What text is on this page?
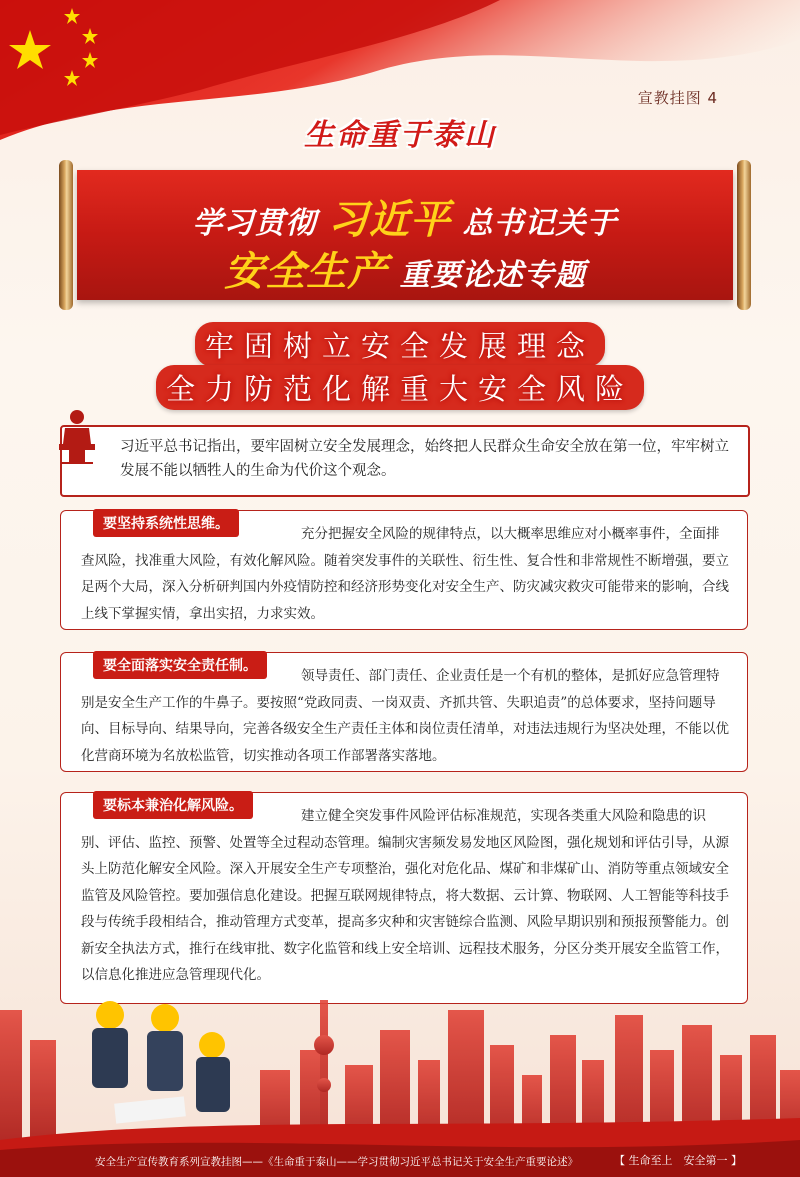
宣教挂图 4
生命重于泰山
学习贯彻 习近平 总书记关于
安全生产 重要论述专题
牢固树立安全发展理念
全力防范化解重大安全风险
习近平总书记指出，要牢固树立安全发展理念，始终把人民群众生命安全放在第一位，牢牢树立发展不能以牺牲人的生命为代价这个观念。
要坚持系统性思维。
充分把握安全风险的规律特点，以大概率思维应对小概率事件，全面排查风险，找准重大风险，有效化解风险。随着突发事件的关联性、衍生性、复合性和非常规性不断增强，要立足两个大局，深入分析研判国内外疫情防控和经济形势变化对安全生产、防灾减灾救灾可能带来的影响，合线上线下掌握实情，拿出实招，力求实效。
要全面落实安全责任制。
领导责任、部门责任、企业责任是一个有机的整体，是抓好应急管理特别是安全生产工作的牛鼻子。要按照“党政同责、一岗双责、齐抓共管、失职追责”的总体要求，坚持问题导向、目标导向、结果导向，完善各级安全生产责任主体和岗位责任清单，对违法违规行为坚决处理，不能以优化营商环境为名放松监管，切实推动各项工作部署落实落地。
要标本兼治化解风险。
建立健全突发事件风险评估标准规范，实现各类重大风险和隐患的识别、评估、监控、预警、处置等全过程动态管理。编制灾害频发易发地区风险图，强化规划和评估引导，从源头上防范化解安全风险。深入开展安全生产专项整治，强化对危化品、煤矿和非煤矿山、消防等重点领域安全监管及风险管控。要加强信息化建设。把握互联网规律特点，将大数据、云计算、物联网、人工智能等科技手段与传统手段相结合，推动管理方式变革，提高多灾种和灾害链综合监测、风险早期识别和预报预警能力。创新安全执法方式，推行在线审批、数字化监管和线上安全培训、远程技术服务，分区分类开展安全监管工作，以信息化推进应急管理现代化。
安全生产宣传教育系列宣教挂图——《生命重于泰山——学习贯彻习近平总书记关于安全生产重要论述》	【 生命至上　安全第一 】
